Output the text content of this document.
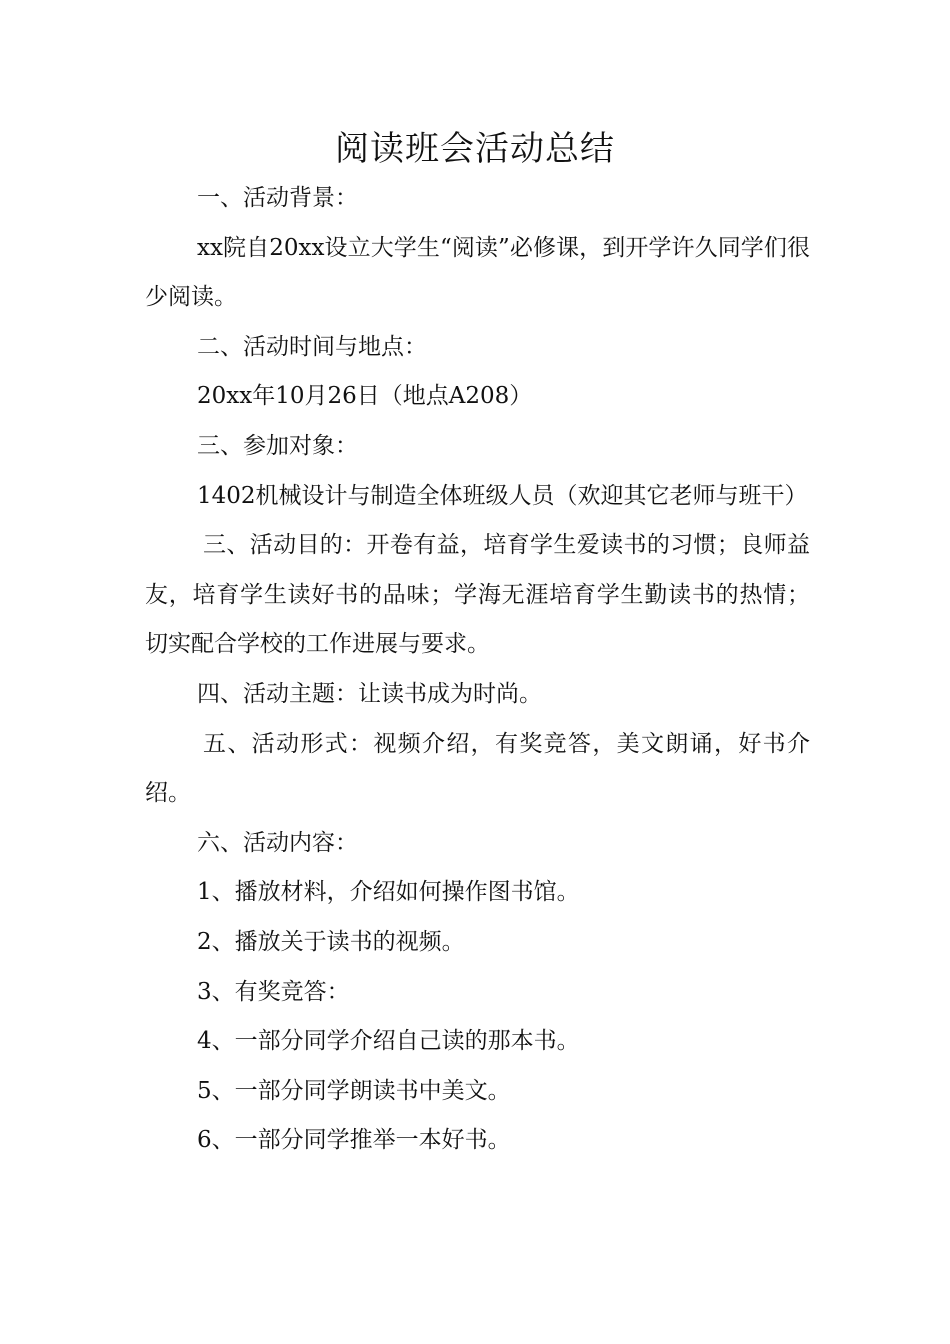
阅读班会活动总结

一、活动背景：

xx院自20xx设立大学生“阅读”必修课，到开学许久同学们很少阅读。

二、活动时间与地点：

20xx年10月26日（地点A208）

三、参加对象：

1402机械设计与制造全体班级人员（欢迎其它老师与班干）

三、活动目的：开卷有益，培育学生爱读书的习惯；良师益友，培育学生读好书的品味；学海无涯培育学生勤读书的热情；切实配合学校的工作进展与要求。

四、活动主题：让读书成为时尚。

五、活动形式：视频介绍，有奖竞答，美文朗诵，好书介绍。

六、活动内容：

1、播放材料，介绍如何操作图书馆。

2、播放关于读书的视频。

3、有奖竞答：

4、一部分同学介绍自己读的那本书。

5、一部分同学朗读书中美文。

6、一部分同学推举一本好书。
